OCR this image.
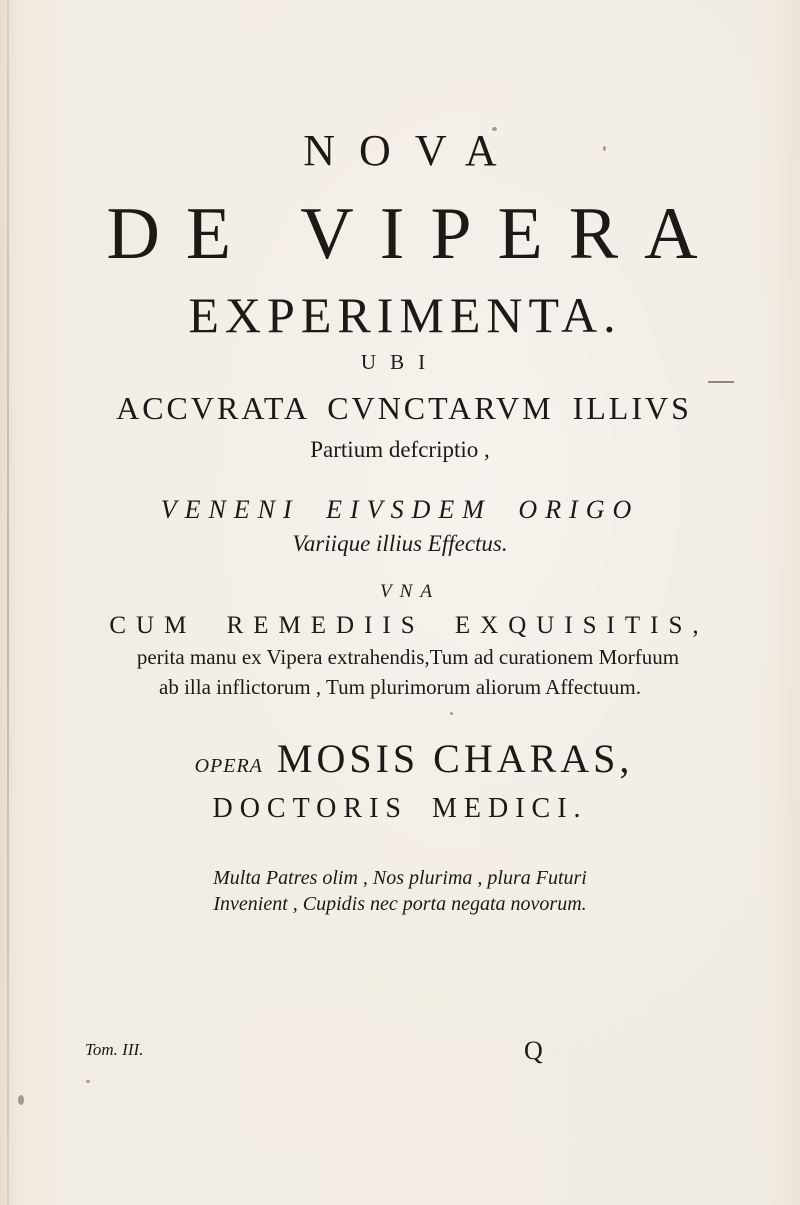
NOVA
DE VIPERA
EXPERIMENTA.
UBI
ACCVRATA CVNCTARVM ILLIVS
Partium defcriptio ,
VENENI EIVSDEM ORIGO
Variique illius Effectus.
VNA
CUM REMEDIIS EXQUISITIS,
perita manu ex Vipera extrahendis,Tum ad curationem Morfuum
ab illa inflictorum , Tum plurimorum aliorum Affectuum.
OPERA MOSIS CHARAS,
DOCTORIS MEDICI.
Multa Patres olim , Nos plurima , plura Futuri
Invenient , Cupidis nec porta negata novorum.
Tom. III.	Q
